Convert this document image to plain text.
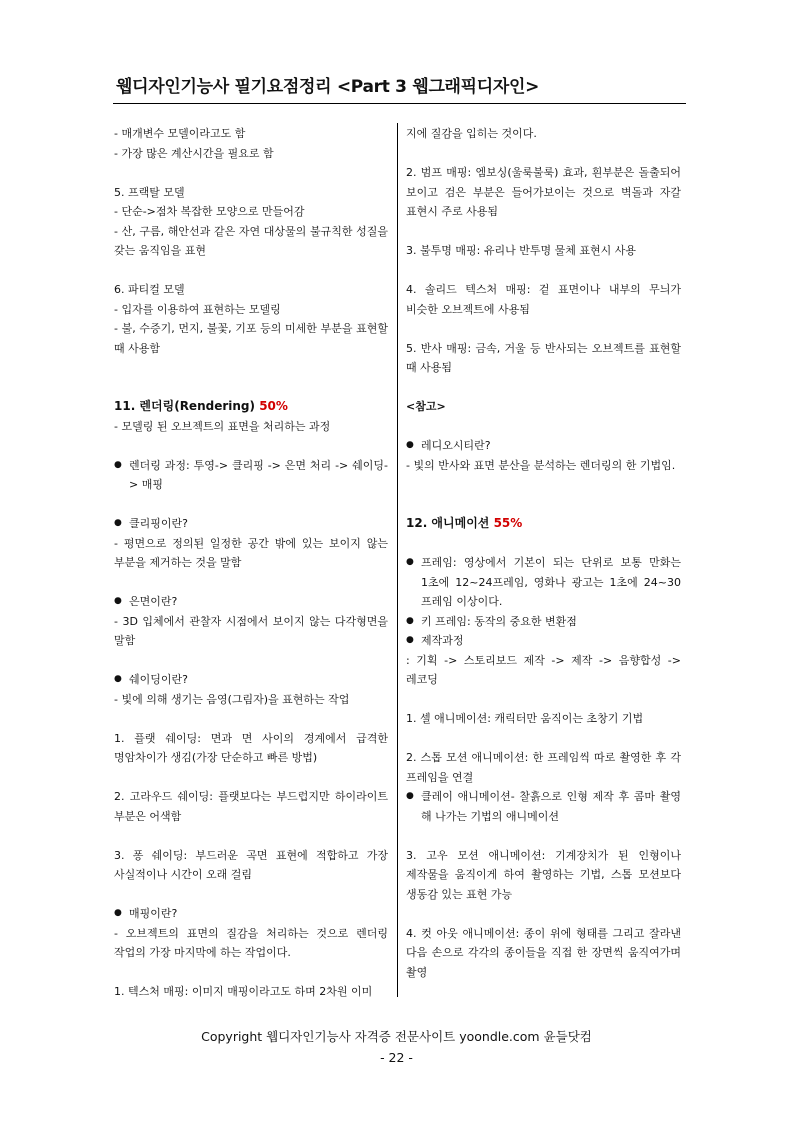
웹디자인기능사 필기요점정리 <Part 3 웹그래픽디자인>

- 매개변수 모델이라고도 함
- 가장 많은 계산시간을 필요로 함

5. 프랙탈 모델
- 단순->점차 복잡한 모양으로 만들어감
- 산, 구름, 해안선과 같은 자연 대상물의 불규칙한 성질을 갖는 움직임을 표현

6. 파티컬 모델
- 입자를 이용하여 표현하는 모델링
- 불, 수증기, 먼지, 불꽃, 기포 등의 미세한 부분을 표현할 때 사용함

11. 렌더링(Rendering) 50%

- 모델링 된 오브젝트의 표면을 처리하는 과정

● 렌더링 과정: 투영-> 클리핑 -> 은면 처리 -> 쉐이딩-> 매핑

● 클리핑이란?

- 평면으로 정의된 일정한 공간 밖에 있는 보이지 않는 부분을 제거하는 것을 말함

● 은면이란?

- 3D 입체에서 관찰자 시점에서 보이지 않는 다각형면을 말함

● 쉐이딩이란?

- 빛에 의해 생기는 음영(그림자)을 표현하는 작업

1. 플랫 쉐이딩: 면과 면 사이의 경계에서 급격한 명암차이가 생김(가장 단순하고 빠른 방법)

2. 고라우드 쉐이딩: 플랫보다는 부드럽지만 하이라이트 부분은 어색함

3. 퐁 쉐이딩: 부드러운 곡면 표현에 적합하고 가장 사실적이나 시간이 오래 걸림

● 매핑이란?

- 오브젝트의 표면의 질감을 처리하는 것으로 렌더링 작업의 가장 마지막에 하는 작업이다.

1. 텍스처 매핑: 이미지 매핑이라고도 하며 2차원 이미

지에 질감을 입히는 것이다.

2. 범프 매핑: 엠보싱(울룩불룩) 효과, 흰부분은 돌출되어 보이고 검은 부분은 들어가보이는 것으로 벽돌과 자갈 표현시 주로 사용됨

3. 불투명 매핑: 유리나 반투명 물체 표현시 사용

4. 솔리드 텍스처 매핑: 겉 표면이나 내부의 무늬가 비슷한 오브젝트에 사용됨

5. 반사 매핑: 금속, 거울 등 반사되는 오브젝트를 표현할 때 사용됨

<참고>

● 레디오시티란?

- 빛의 반사와 표면 분산을 분석하는 렌더링의 한 기법임.

12. 애니메이션 55%

● 프레임: 영상에서 기본이 되는 단위로 보통 만화는 1초에 12~24프레임, 영화나 광고는 1초에 24~30 프레임 이상이다.

● 키 프레임: 동작의 중요한 변환점

● 제작과정

: 기획 -> 스토리보드 제작 -> 제작 -> 음향합성 -> 레코딩

1. 셀 애니메이션: 캐릭터만 움직이는 초창기 기법

2. 스톱 모션 애니메이션: 한 프레임씩 따로 촬영한 후 각 프레임을 연결

● 클레이 애니메이션- 찰흙으로 인형 제작 후 콤마 촬영 해 나가는 기법의 애니메이션

3. 고우 모션 애니메이션: 기계장치가 된 인형이나 제작물을 움직이게 하여 촬영하는 기법, 스톱 모션보다 생동감 있는 표현 가능

4. 컷 아웃 애니메이션: 종이 위에 형태를 그리고 잘라낸 다음 손으로 각각의 종이들을 직접 한 장면씩 움직여가며 촬영

Copyright 웹디자인기능사 자격증 전문사이트 yoondle.com 윤들닷컴
- 22 -
